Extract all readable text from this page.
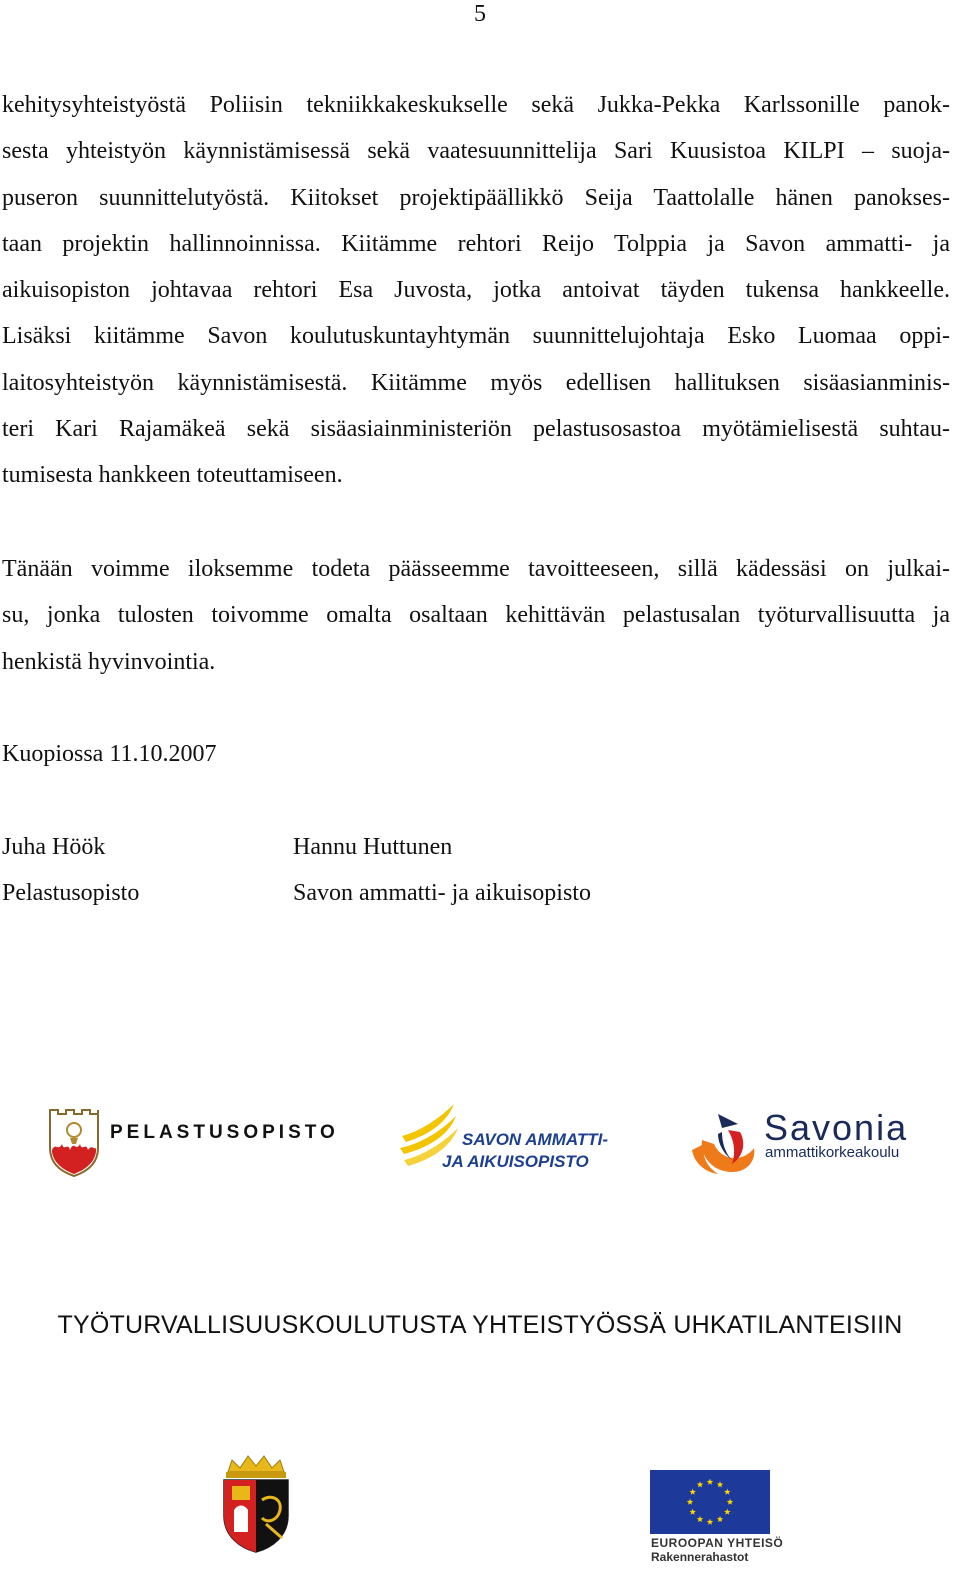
5
kehitysyhteistyöstä Poliisin tekniikkakeskukselle sekä Jukka-Pekka Karlssonille panok-
sesta yhteistyön käynnistämisessä sekä vaatesuunnittelija Sari Kuusistoa KILPI – suoja-
puseron suunnittelutyöstä. Kiitokset projektipäällikkö Seija Taattolalle hänen panokses-
taan projektin hallinnoinnissa. Kiitämme rehtori Reijo Tolppia ja Savon ammatti- ja
aikuisopiston johtavaa rehtori Esa Juvosta, jotka antoivat täyden tukensa hankkeelle.
Lisäksi kiitämme Savon koulutuskuntayhtymän suunnittelujohtaja Esko Luomaa oppi-
laitosyhteistyön käynnistämisestä. Kiitämme myös edellisen hallituksen sisäasianminis-
teri Kari Rajamäkeä sekä sisäasiainministeriön pelastusosastoa myötämielisestä suhtau-
tumisesta hankkeen toteuttamiseen.
Tänään voimme iloksemme todeta päässeemme tavoitteeseen, sillä kädessäsi on julkai-
su, jonka tulosten toivomme omalta osaltaan kehittävän pelastusalan työturvallisuutta ja
henkistä hyvinvointia.
Kuopiossa 11.10.2007
Juha Höök
Pelastusopisto
Hannu Huttunen
Savon ammatti- ja aikuisopisto
PELASTUSOPISTO	SAVON AMMATTI-
JA AIKUISOPISTO
Savonia
ammattikorkeakoulu
TYÖTURVALLISUUSKOULUTUSTA YHTEISTYÖSSÄ UHKATILANTEISIIN
EUROOPAN YHTEISÖ
Rakennerahastot
